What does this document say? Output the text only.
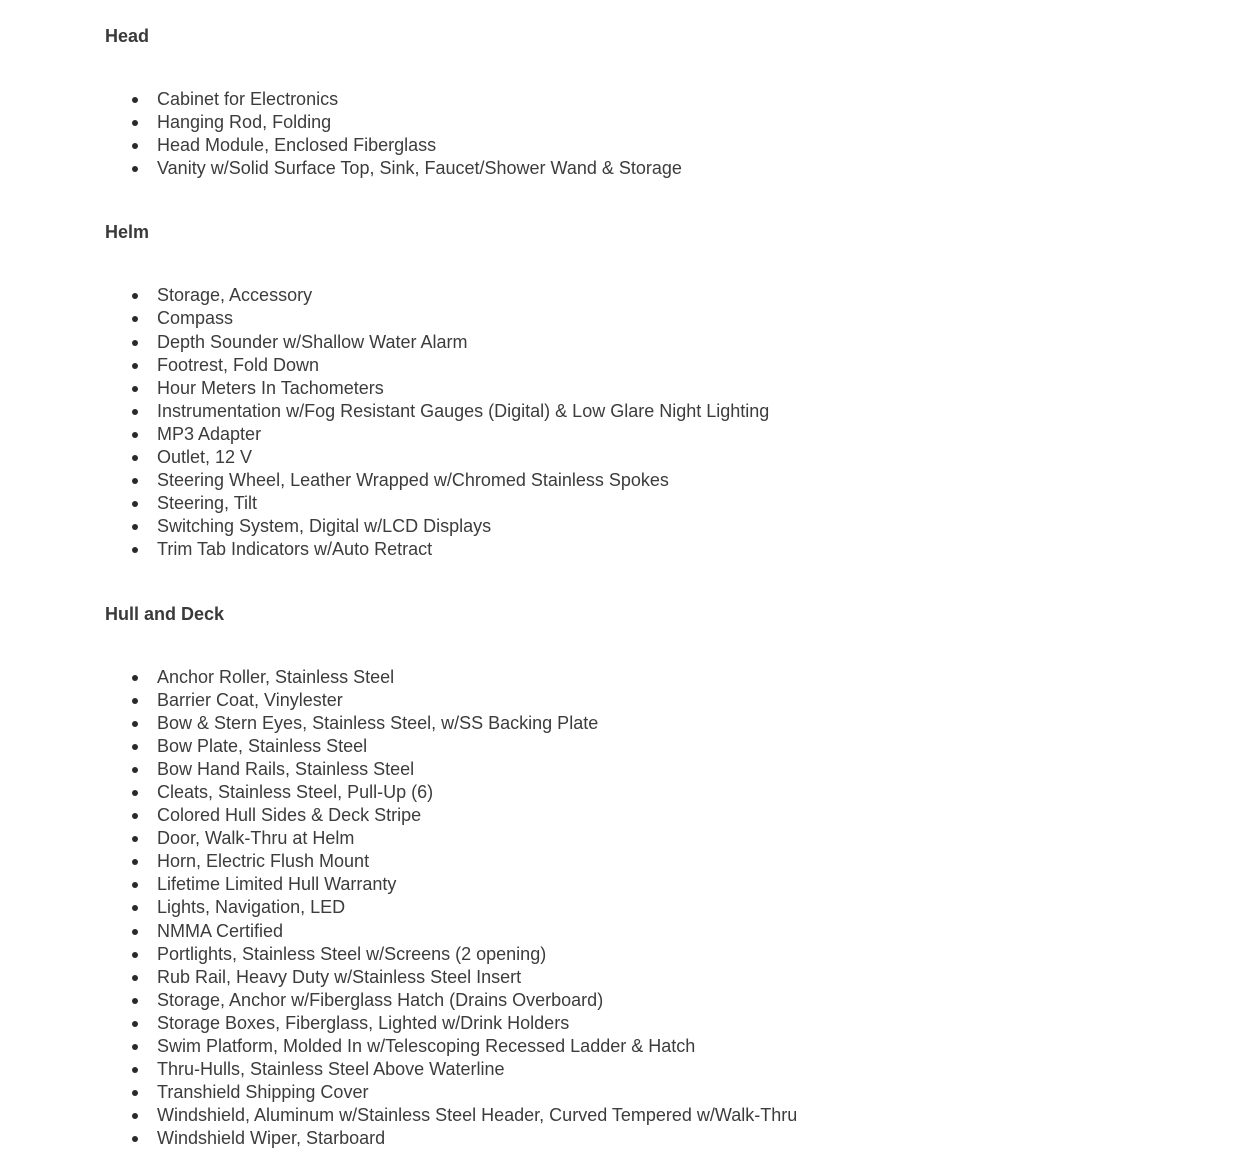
Head
Cabinet for Electronics
Hanging Rod, Folding
Head Module, Enclosed Fiberglass
Vanity w/Solid Surface Top, Sink, Faucet/Shower Wand & Storage
Helm
Storage, Accessory
Compass
Depth Sounder w/Shallow Water Alarm
Footrest, Fold Down
Hour Meters In Tachometers
Instrumentation w/Fog Resistant Gauges (Digital) & Low Glare Night Lighting
MP3 Adapter
Outlet, 12 V
Steering Wheel, Leather Wrapped w/Chromed Stainless Spokes
Steering, Tilt
Switching System, Digital w/LCD Displays
Trim Tab Indicators w/Auto Retract
Hull and Deck
Anchor Roller, Stainless Steel
Barrier Coat, Vinylester
Bow & Stern Eyes, Stainless Steel, w/SS Backing Plate
Bow Plate, Stainless Steel
Bow Hand Rails, Stainless Steel
Cleats, Stainless Steel, Pull-Up (6)
Colored Hull Sides & Deck Stripe
Door, Walk-Thru at Helm
Horn, Electric Flush Mount
Lifetime Limited Hull Warranty
Lights, Navigation, LED
NMMA Certified
Portlights, Stainless Steel w/Screens (2 opening)
Rub Rail, Heavy Duty w/Stainless Steel Insert
Storage, Anchor w/Fiberglass Hatch (Drains Overboard)
Storage Boxes, Fiberglass, Lighted w/Drink Holders
Swim Platform, Molded In w/Telescoping Recessed Ladder & Hatch
Thru-Hulls, Stainless Steel Above Waterline
Transhield Shipping Cover
Windshield, Aluminum w/Stainless Steel Header, Curved Tempered w/Walk-Thru
Windshield Wiper, Starboard
